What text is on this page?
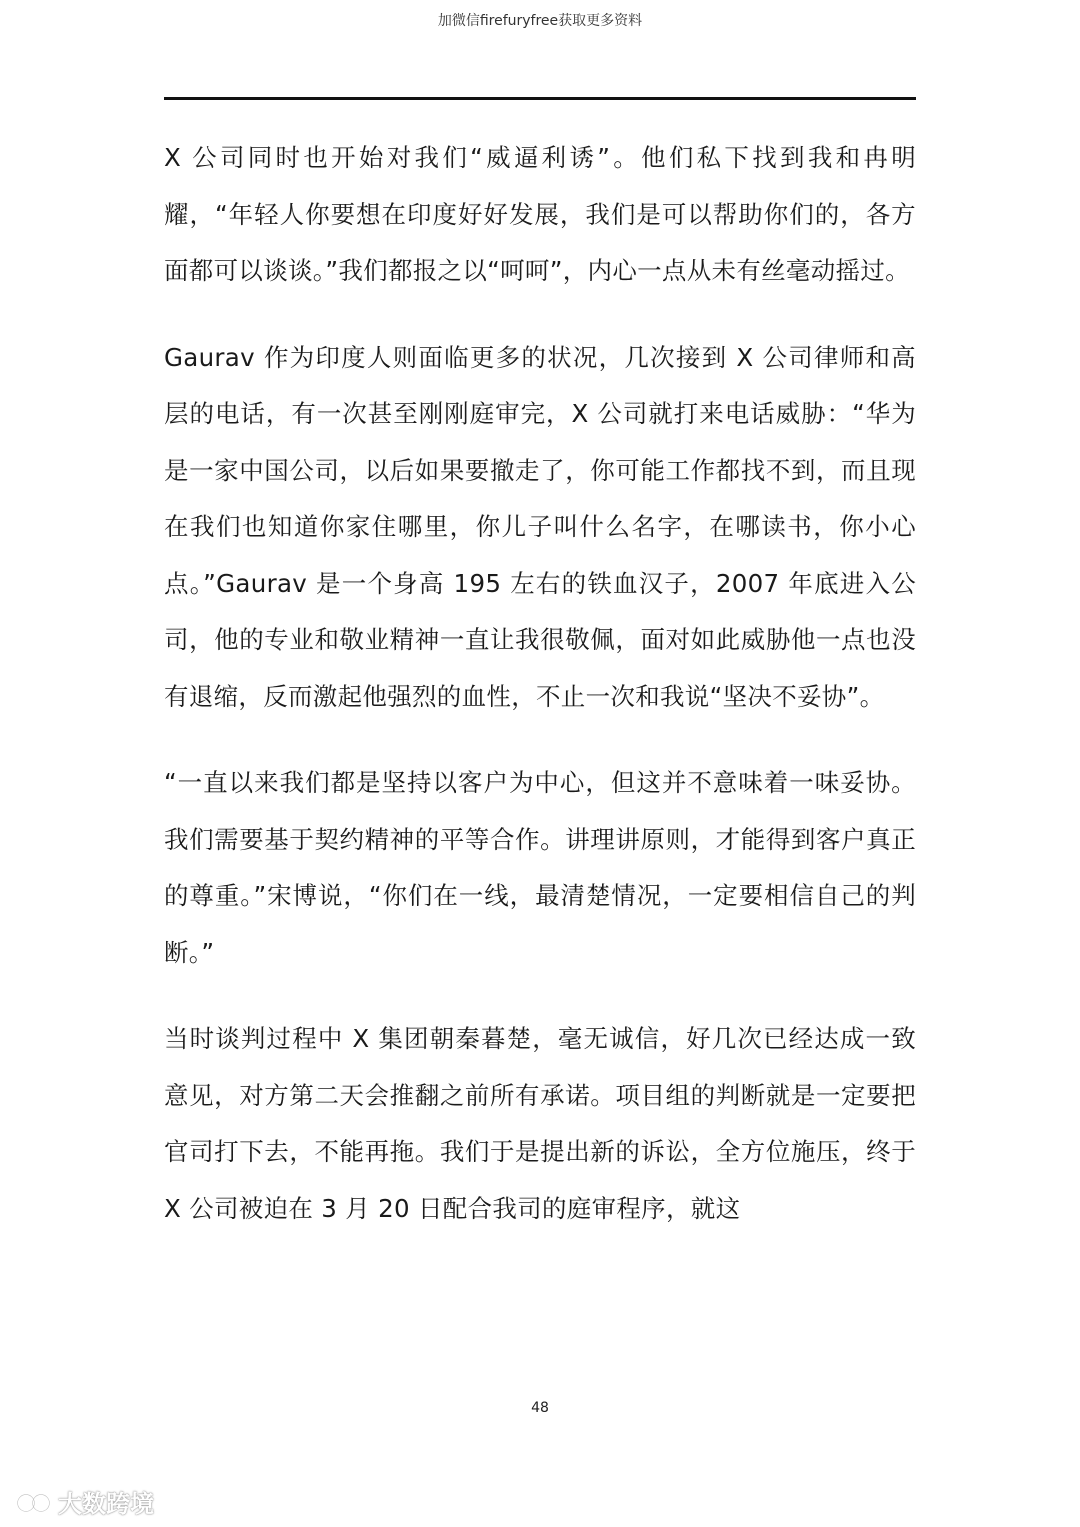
加微信firefuryfree获取更多资料

X 公司同时也开始对我们“威逼利诱”。他们私下找到我和冉明耀，“年轻人你要想在印度好好发展，我们是可以帮助你们的，各方面都可以谈谈。”我们都报之以“呵呵”，内心一点从未有丝毫动摇过。

Gaurav 作为印度人则面临更多的状况，几次接到 X 公司律师和高层的电话，有一次甚至刚刚庭审完，X 公司就打来电话威胁：“华为是一家中国公司，以后如果要撤走了，你可能工作都找不到，而且现在我们也知道你家住哪里，你儿子叫什么名字，在哪读书，你小心点。”Gaurav 是一个身高 195 左右的铁血汉子，2007 年底进入公司，他的专业和敬业精神一直让我很敬佩，面对如此威胁他一点也没有退缩，反而激起他强烈的血性，不止一次和我说“坚决不妥协”。

“一直以来我们都是坚持以客户为中心，但这并不意味着一味妥协。我们需要基于契约精神的平等合作。讲理讲原则，才能得到客户真正的尊重。”宋博说，“你们在一线，最清楚情况，一定要相信自己的判断。”

当时谈判过程中 X 集团朝秦暮楚，毫无诚信，好几次已经达成一致意见，对方第二天会推翻之前所有承诺。项目组的判断就是一定要把官司打下去，不能再拖。我们于是提出新的诉讼，全方位施压，终于 X 公司被迫在 3 月 20 日配合我司的庭审程序，就这

48
大数跨境
